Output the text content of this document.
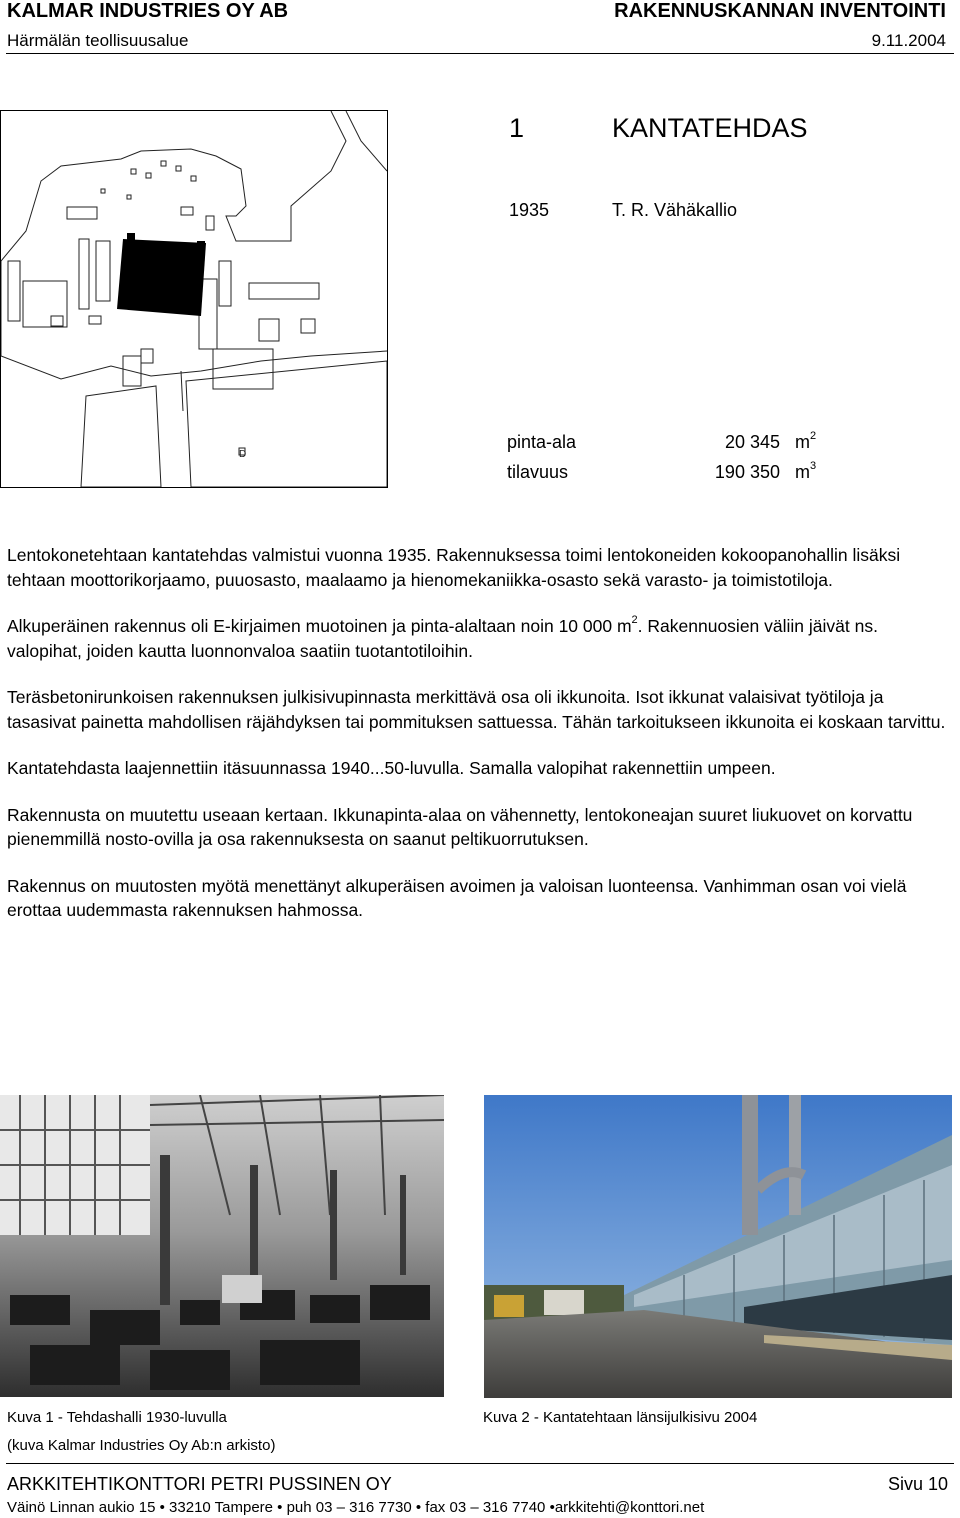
KALMAR INDUSTRIES OY AB	RAKENNUSKANNAN INVENTOINTI
Härmälän teollisuusalue	9.11.2004
D
1	KANTATEHDAS
1935	T. R. Vähäkallio
pinta-ala	20 345 $m^2$
tilavuus	190 350 $m^3$

Lentokonetehtaan kantatehdas valmistui vuonna 1935. Rakennuksessa toimi lentokoneiden kokoopanohallin lisäksi tehtaan moottorikorjaamo, puuosasto, maalaamo ja hienomekaniikka-osasto sekä varasto- ja toimistotiloja.

Alkuperäinen rakennus oli E-kirjaimen muotoinen ja pinta-alaltaan noin 10 000 $m^2$. Rakennuosien väliin jäivät ns. valopihat, joiden kautta luonnonvaloa saatiin tuotantotiloihin.

Teräsbetonirunkoisen rakennuksen julkisivupinnasta merkittävä osa oli ikkunoita. Isot ikkunat valaisivat työtiloja ja tasasivat painetta mahdollisen räjähdyksen tai pommituksen sattuessa. Tähän tarkoitukseen ikkunoita ei koskaan tarvittu.

Kantatehdasta laajennettiin itäsuunnassa 1940...50-luvulla. Samalla valopihat rakennettiin umpeen.

Rakennusta on muutettu useaan kertaan. Ikkunapinta-alaa on vähennetty, lentokoneajan suuret liukuovet on korvattu pienemmillä nosto-ovilla ja osa rakennuksesta on saanut peltikuorrutuksen.

Rakennus on muutosten myötä menettänyt alkuperäisen avoimen ja valoisan luonteensa. Vanhimman osan voi vielä erottaa uudemmasta rakennuksen hahmossa.

Kuva 1 - Tehdashalli 1930-luvulla
(kuva Kalmar Industries Oy Ab:n arkisto)
Kuva 2 - Kantatehtaan länsijulkisivu 2004
ARKKITEHTIKONTTORI PETRI PUSSINEN OY	Sivu 10
Väinö Linnan aukio 15 • 33210 Tampere • puh 03 – 316 7730 • fax 03 – 316 7740 •arkkitehti@konttori.net
